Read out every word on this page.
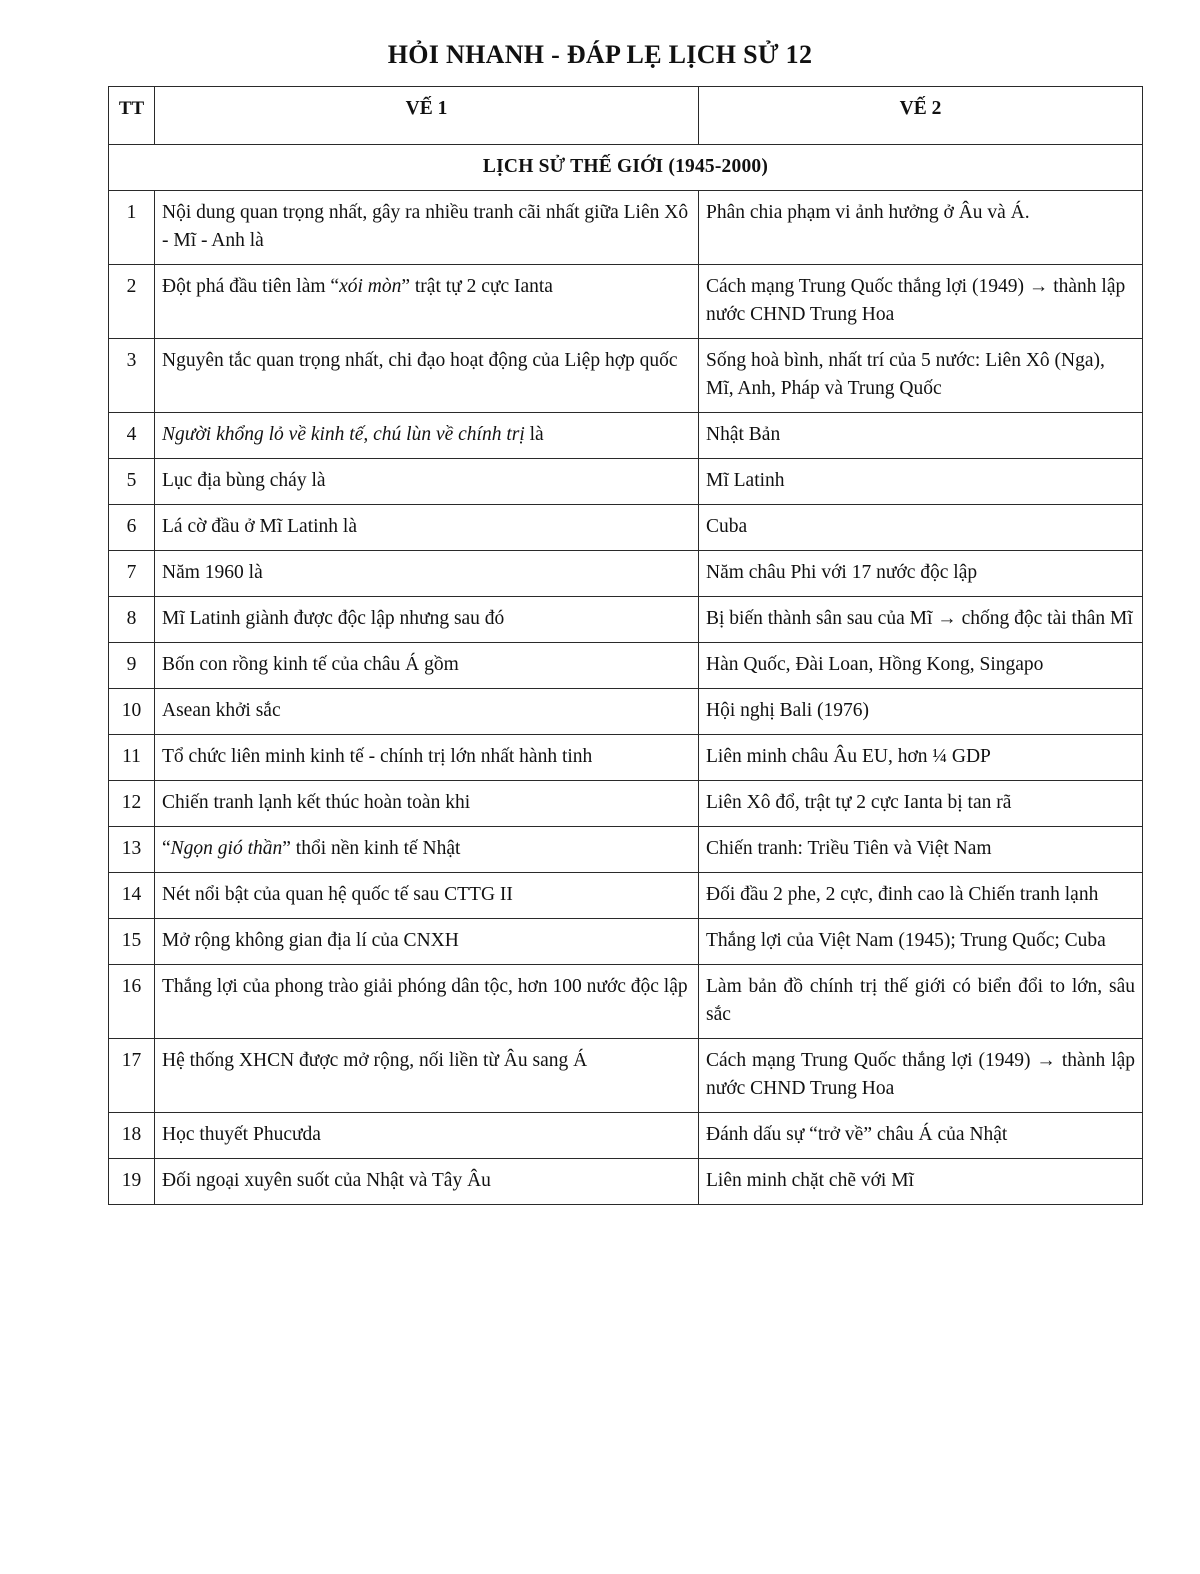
HỎI NHANH - ĐÁP LẸ LỊCH SỬ 12
TT	VẾ 1	VẾ 2
LỊCH SỬ THẾ GIỚI (1945-2000)		
1	Nội dung quan trọng nhất, gây ra nhiều tranh cãi nhất giữa Liên Xô - Mĩ - Anh là	Phân chia phạm vi ảnh hưởng ở Âu và Á.
2	Đột phá đầu tiên làm “xói mòn” trật tự 2 cực Ianta	Cách mạng Trung Quốc thắng lợi (1949) → thành lập nước CHND Trung Hoa
3	Nguyên tắc quan trọng nhất, chi đạo hoạt động của Liệp hợp quốc	Sống hoà bình, nhất trí của 5 nước: Liên Xô (Nga), Mĩ, Anh, Pháp và Trung Quốc
4	Người khổng lỏ về kinh tế, chú lùn về chính trị là	Nhật Bản
5	Lục địa bùng cháy là	Mĩ Latinh
6	Lá cờ đầu ở Mĩ Latinh là	Cuba
7	Năm 1960 là	Năm châu Phi với 17 nước độc lập
8	Mĩ Latinh giành được độc lập nhưng sau đó	Bị biến thành sân sau của Mĩ → chống độc tài thân Mĩ
9	Bốn con rồng kinh tế của châu Á gồm	Hàn Quốc, Đài Loan, Hồng Kong, Singapo
10	Asean khởi sắc	Hội nghị Bali (1976)
11	Tổ chức liên minh kinh tế - chính trị lớn nhất hành tinh	Liên minh châu Âu EU, hơn ¼ GDP
12	Chiến tranh lạnh kết thúc hoàn toàn khi	Liên Xô đổ, trật tự 2 cực Ianta bị tan rã
13	“Ngọn gió thần” thổi nền kinh tế Nhật	Chiến tranh: Triều Tiên và Việt Nam
14	Nét nổi bật của quan hệ quốc tế sau CTTG II	Đối đầu 2 phe, 2 cực, đinh cao là Chiến tranh lạnh
15	Mở rộng không gian địa lí của CNXH	Thắng lợi của Việt Nam (1945); Trung Quốc; Cuba
16	Thắng lợi của phong trào giải phóng dân tộc, hơn 100 nước độc lập	Làm bản đồ chính trị thế giới có biển đổi to lớn, sâu sắc
17	Hệ thống XHCN được mở rộng, nối liền từ Âu sang Á	Cách mạng Trung Quốc thắng lợi (1949) → thành lập nước CHND Trung Hoa
18	Học thuyết Phucưda	Đánh dấu sự “trở về” châu Á của Nhật
19	Đối ngoại xuyên suốt của Nhật và Tây Âu	Liên minh chặt chẽ với Mĩ
